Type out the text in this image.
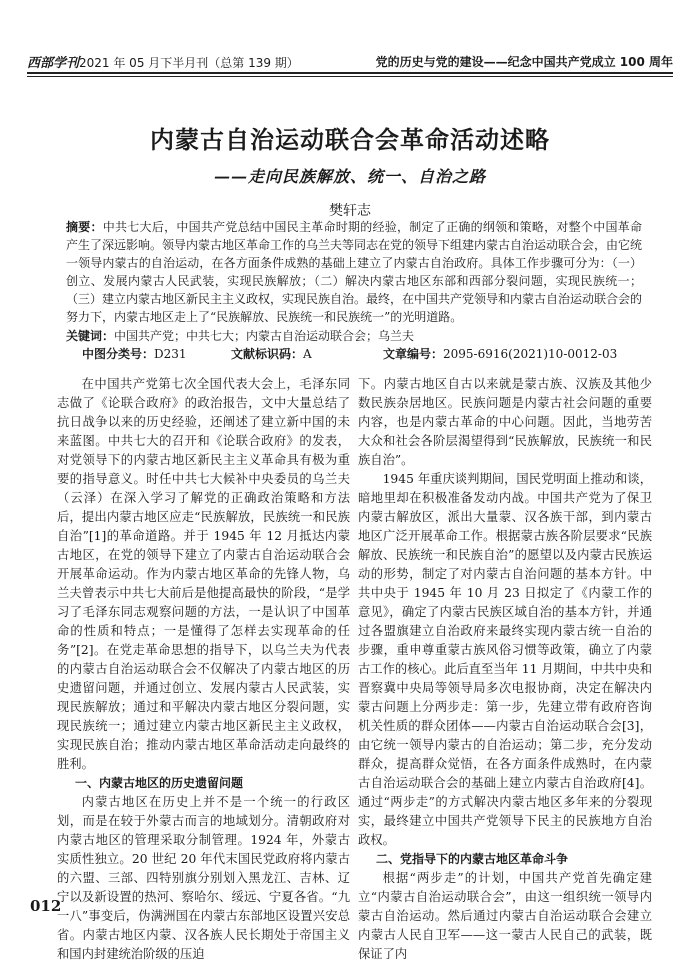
西部学刊2021 年 05 月下半月刊（总第 139 期）	党的历史与党的建设——纪念中国共产党成立 100 周年
内蒙古自治运动联合会革命活动述略
——走向民族解放、统一、自治之路
樊轩志
摘要：中共七大后，中国共产党总结中国民主革命时期的经验，制定了正确的纲领和策略，对整个中国革命产生了深远影响。领导内蒙古地区革命工作的乌兰夫等同志在党的领导下组建内蒙古自治运动联合会，由它统一领导内蒙古的自治运动，在各方面条件成熟的基础上建立了内蒙古自治政府。具体工作步骤可分为：（一）创立、发展内蒙古人民武装，实现民族解放；（二）解决内蒙古地区东部和西部分裂问题，实现民族统一；（三）建立内蒙古地区新民主主义政权，实现民族自治。最终，在中国共产党领导和内蒙古自治运动联合会的努力下，内蒙古地区走上了“民族解放、民族统一和民族统一”的光明道路。
关键词：中国共产党；中共七大；内蒙古自治运动联合会；乌兰夫
中图分类号：D231	文献标识码：A	文章编号：2095-6916(2021)10-0012-03

在中国共产党第七次全国代表大会上，毛泽东同志做了《论联合政府》的政治报告，文中大量总结了抗日战争以来的历史经验，还阐述了建立新中国的未来蓝图。中共七大的召开和《论联合政府》的发表，对党领导下的内蒙古地区新民主主义革命具有极为重要的指导意义。时任中共七大候补中央委员的乌兰夫（云泽）在深入学习了解党的正确政治策略和方法后，提出内蒙古地区应走“民族解放，民族统一和民族自治”[1]的革命道路。并于 1945 年 12 月抵达内蒙古地区，在党的领导下建立了内蒙古自治运动联合会开展革命运动。作为内蒙古地区革命的先锋人物，乌兰夫曾表示中共七大前后是他提高最快的阶段，“是学习了毛泽东同志观察问题的方法，一是认识了中国革命的性质和特点；一是懂得了怎样去实现革命的任务”[2]。在党走革命思想的指导下，以乌兰夫为代表的内蒙古自治运动联合会不仅解决了内蒙古地区的历史遗留问题，并通过创立、发展内蒙古人民武装，实现民族解放；通过和平解决内蒙古地区分裂问题，实现民族统一；通过建立内蒙古地区新民主主义政权，实现民族自治；推动内蒙古地区革命活动走向最终的胜利。

一、内蒙古地区的历史遗留问题

内蒙古地区在历史上并不是一个统一的行政区划，而是在较于外蒙古而言的地域划分。清朝政府对内蒙古地区的管理采取分制管理。1924 年，外蒙古实质性独立。20 世纪 20 年代末国民党政府将内蒙古的六盟、三部、四特别旗分别划入黑龙江、吉林、辽宁以及新设置的热河、察哈尔、绥远、宁夏各省。“九一八”事变后，伪满洲国在内蒙古东部地区设置兴安总省。内蒙古地区内蒙、汉各族人民长期处于帝国主义和国内封建统治阶级的压迫

下。内蒙古地区自古以来就是蒙古族、汉族及其他少数民族杂居地区。民族问题是内蒙古社会问题的重要内容，也是内蒙古革命的中心问题。因此，当地劳苦大众和社会各阶层渴望得到“民族解放，民族统一和民族自治”。

1945 年重庆谈判期间，国民党明面上推动和谈，暗地里却在积极准备发动内战。中国共产党为了保卫内蒙古解放区，派出大量蒙、汉各族干部，到内蒙古地区广泛开展革命工作。根据蒙古族各阶层要求“民族解放、民族统一和民族自治”的愿望以及内蒙古民族运动的形势，制定了对内蒙古自治问题的基本方针。中共中央于 1945 年 10 月 23 日拟定了《内蒙工作的意见》，确定了内蒙古民族区域自治的基本方针，并通过各盟旗建立自治政府来最终实现内蒙古统一自治的步骤，重申尊重蒙古族风俗习惯等政策，确立了内蒙古工作的核心。此后直至当年 11 月期间，中共中央和晋察冀中央局等领导局多次电报协商，决定在解决内蒙古问题上分两步走：第一步，先建立带有政府咨询机关性质的群众团体——内蒙古自治运动联合会[3]，由它统一领导内蒙古的自治运动；第二步，充分发动群众，提高群众觉悟，在各方面条件成熟时，在内蒙古自治运动联合会的基础上建立内蒙古自治政府[4]。通过“两步走”的方式解决内蒙古地区多年来的分裂现实，最终建立中国共产党领导下民主的民族地方自治政权。

二、党指导下的内蒙古地区革命斗争

根据“两步走”的计划，中国共产党首先确定建立“内蒙古自治运动联合会”，由这一组织统一领导内蒙古自治运动。然后通过内蒙古自治运动联合会建立内蒙古人民自卫军——这一蒙古人民自己的武装，既保证了内

012
